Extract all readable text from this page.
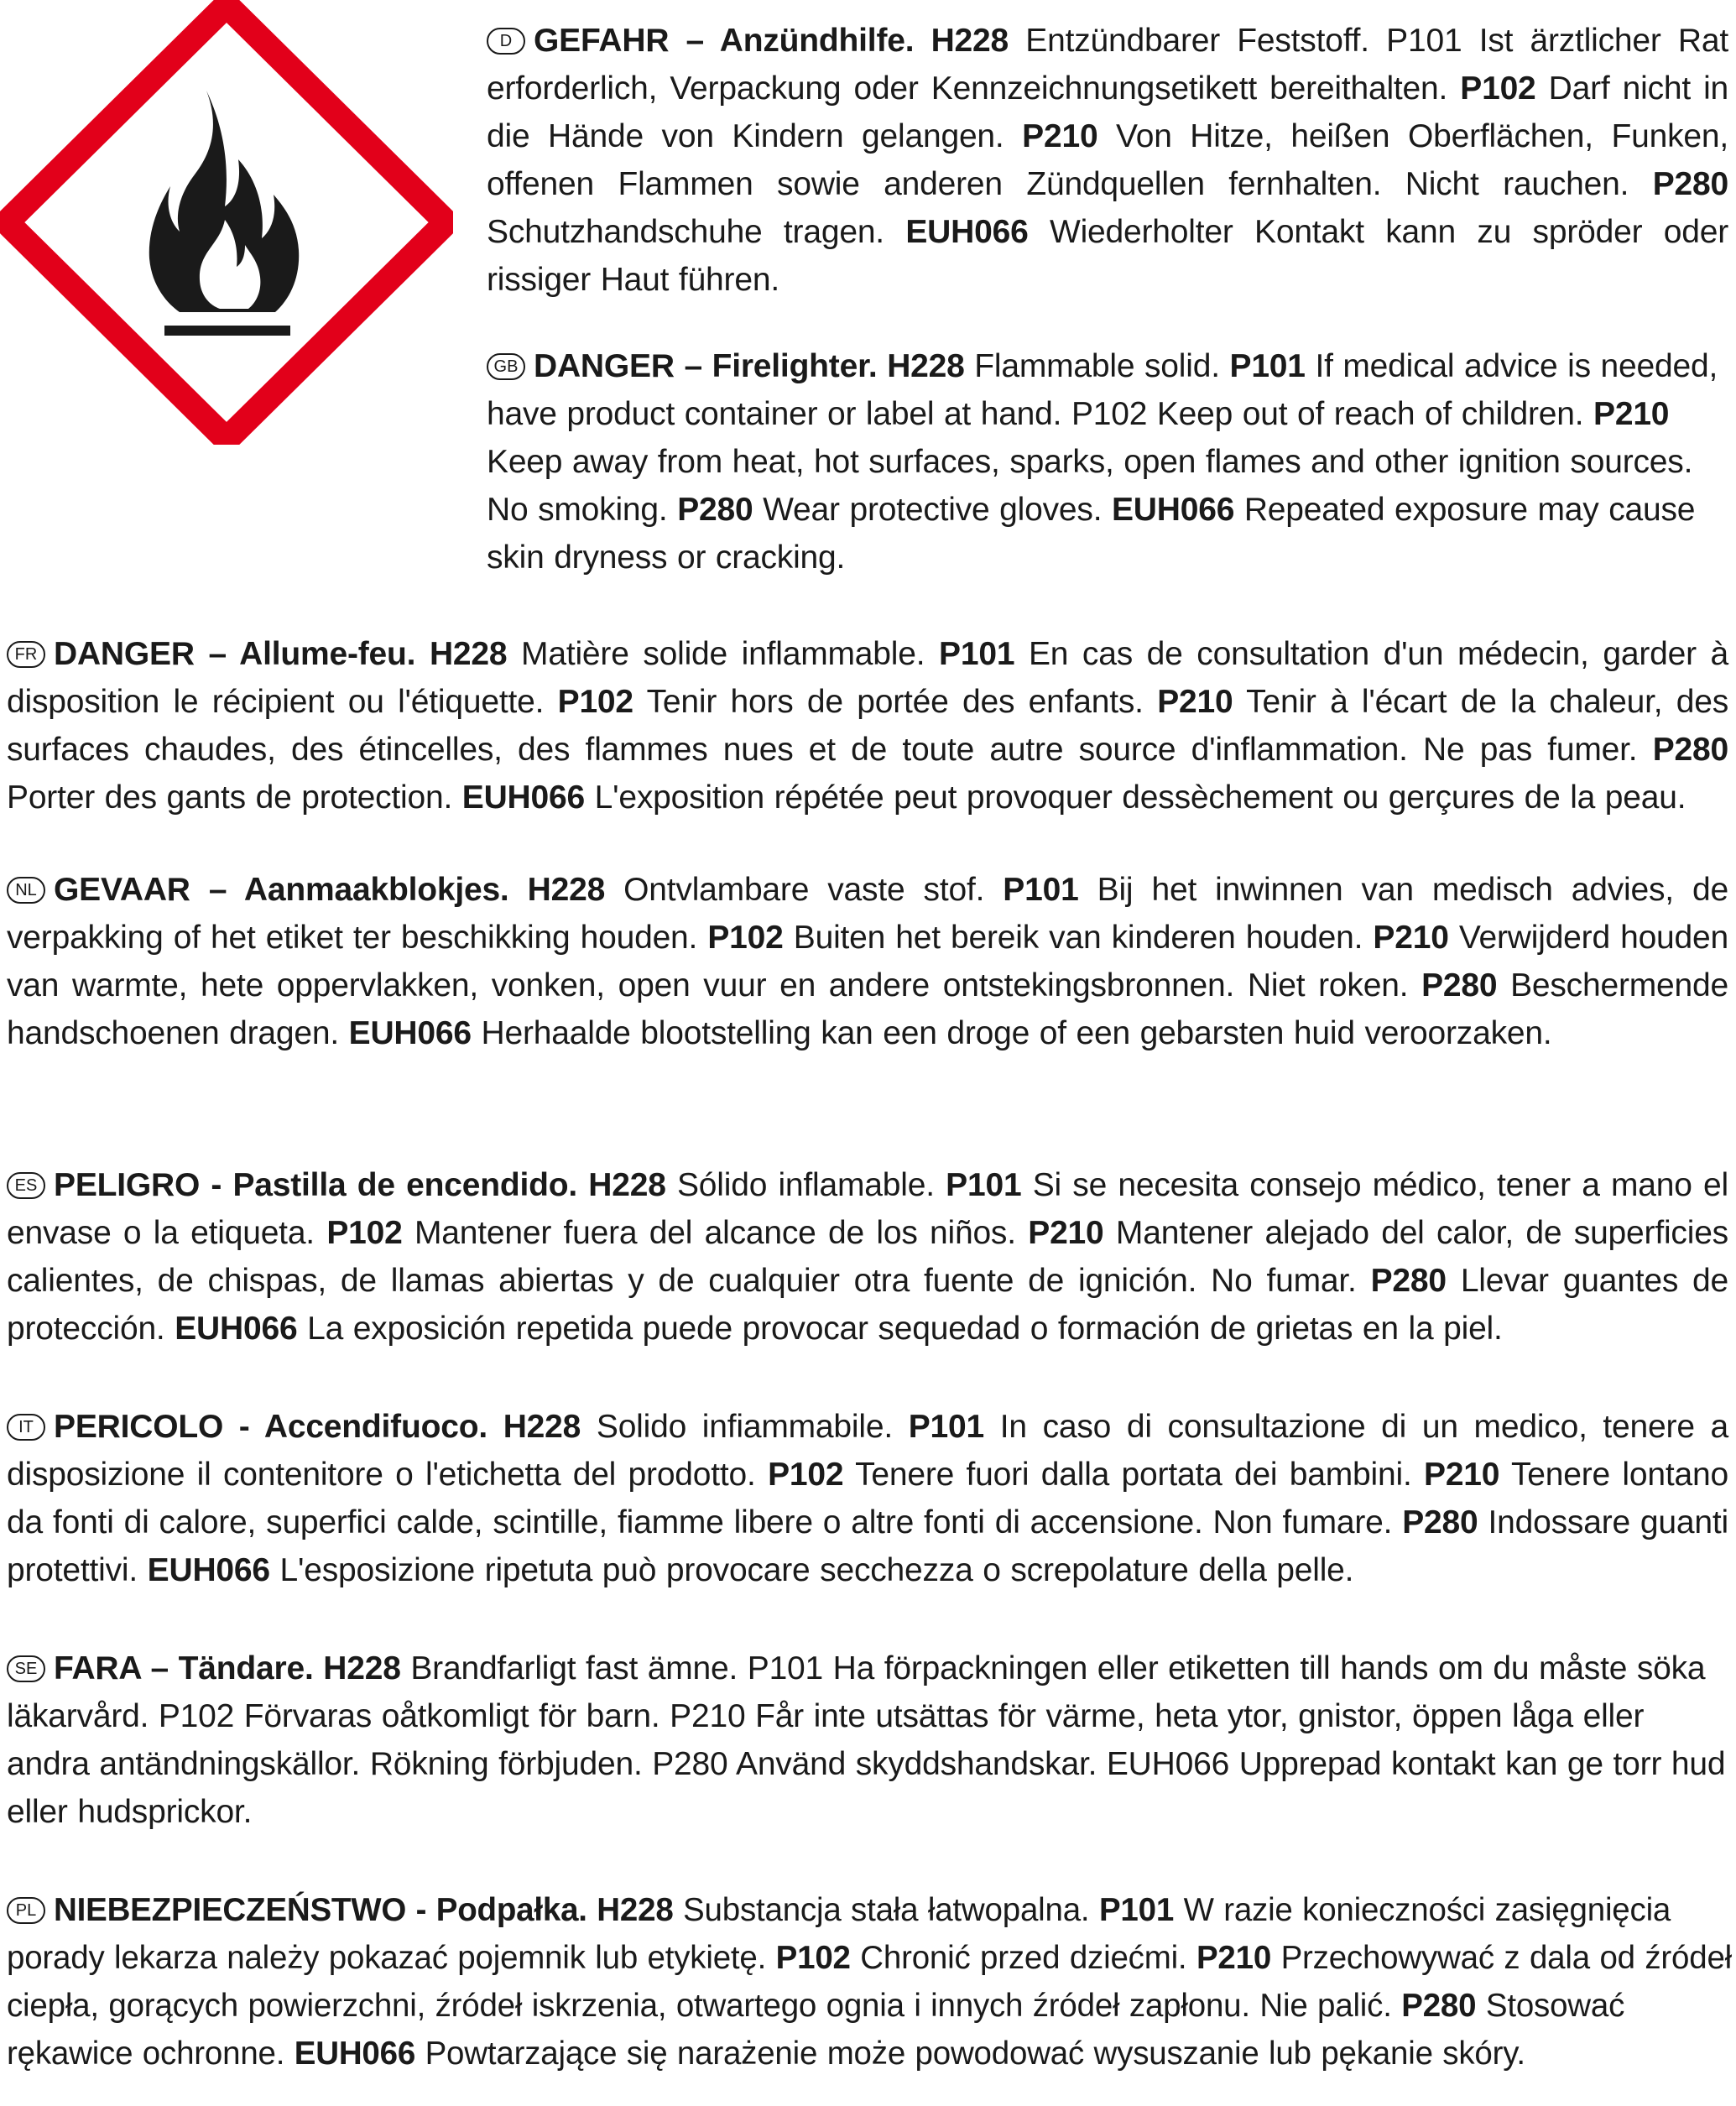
D GEFAHR – Anzündhilfe. H228 Entzündbarer Feststoff. P101 Ist ärztlicher Rat erforderlich, Verpackung oder Kennzeichnungsetikett bereithalten. P102 Darf nicht in die Hände von Kindern gelangen. P210 Von Hitze, heißen Oberflächen, Funken, offenen Flammen sowie anderen Zündquellen fernhalten. Nicht rauchen. P280 Schutzhandschuhe tragen. EUH066 Wiederholter Kontakt kann zu spröder oder rissiger Haut führen.
GB DANGER – Firelighter. H228 Flammable solid. P101 If medical advice is needed, have product container or label at hand. P102 Keep out of reach of children. P210 Keep away from heat, hot surfaces, sparks, open flames and other ignition sources. No smoking. P280 Wear protective gloves. EUH066 Repeated exposure may cause skin dryness or cracking.
FR DANGER – Allume-feu. H228 Matière solide inflammable. P101 En cas de consultation d'un médecin, garder à disposition le récipient ou l'étiquette. P102 Tenir hors de portée des enfants. P210 Tenir à l'écart de la chaleur, des surfaces chaudes, des étincelles, des flammes nues et de toute autre source d'inflammation. Ne pas fumer. P280 Porter des gants de protection. EUH066 L'exposition répétée peut provoquer dessèchement ou gerçures de la peau.
NL GEVAAR – Aanmaakblokjes. H228 Ontvlambare vaste stof. P101 Bij het inwinnen van medisch advies, de verpakking of het etiket ter beschikking houden. P102 Buiten het bereik van kinderen houden. P210 Verwijderd houden van warmte, hete oppervlakken, vonken, open vuur en andere ontstekingsbronnen. Niet roken. P280 Beschermende handschoenen dragen. EUH066 Herhaalde blootstelling kan een droge of een gebarsten huid veroorzaken.
ES PELIGRO - Pastilla de encendido. H228 Sólido inflamable. P101 Si se necesita consejo médico, tener a mano el envase o la etiqueta. P102 Mantener fuera del alcance de los niños. P210 Mantener alejado del calor, de superficies calientes, de chispas, de llamas abiertas y de cualquier otra fuente de ignición. No fumar. P280 Llevar guantes de protección. EUH066 La exposición repetida puede provocar sequedad o formación de grietas en la piel.
IT PERICOLO - Accendifuoco. H228 Solido infiammabile. P101 In caso di consultazione di un medico, tenere a disposizione il contenitore o l'etichetta del prodotto. P102 Tenere fuori dalla portata dei bambini. P210 Tenere lontano da fonti di calore, superfici calde, scintille, fiamme libere o altre fonti di accensione. Non fumare. P280 Indossare guanti protettivi. EUH066 L'esposizione ripetuta può provocare secchezza o screpolature della pelle.
SE FARA – Tändare. H228 Brandfarligt fast ämne. P101 Ha förpackningen eller etiketten till hands om du måste söka läkarvård. P102 Förvaras oåtkomligt för barn. P210 Får inte utsättas för värme, heta ytor, gnistor, öppen låga eller andra antändningskällor. Rökning förbjuden. P280 Använd skyddshandskar. EUH066 Upprepad kontakt kan ge torr hud eller hudsprickor.
PL NIEBEZPIECZEŃSTWO - Podpałka. H228 Substancja stała łatwopalna. P101 W razie konieczności zasięgnięcia porady lekarza należy pokazać pojemnik lub etykietę. P102 Chronić przed dziećmi. P210 Przechowywać z dala od źródeł ciepła, gorących powierzchni, źródeł iskrzenia, otwartego ognia i innych źródeł zapłonu. Nie palić. P280 Stosować rękawice ochronne. EUH066 Powtarzające się narażenie może powodować wysuszanie lub pękanie skóry.
